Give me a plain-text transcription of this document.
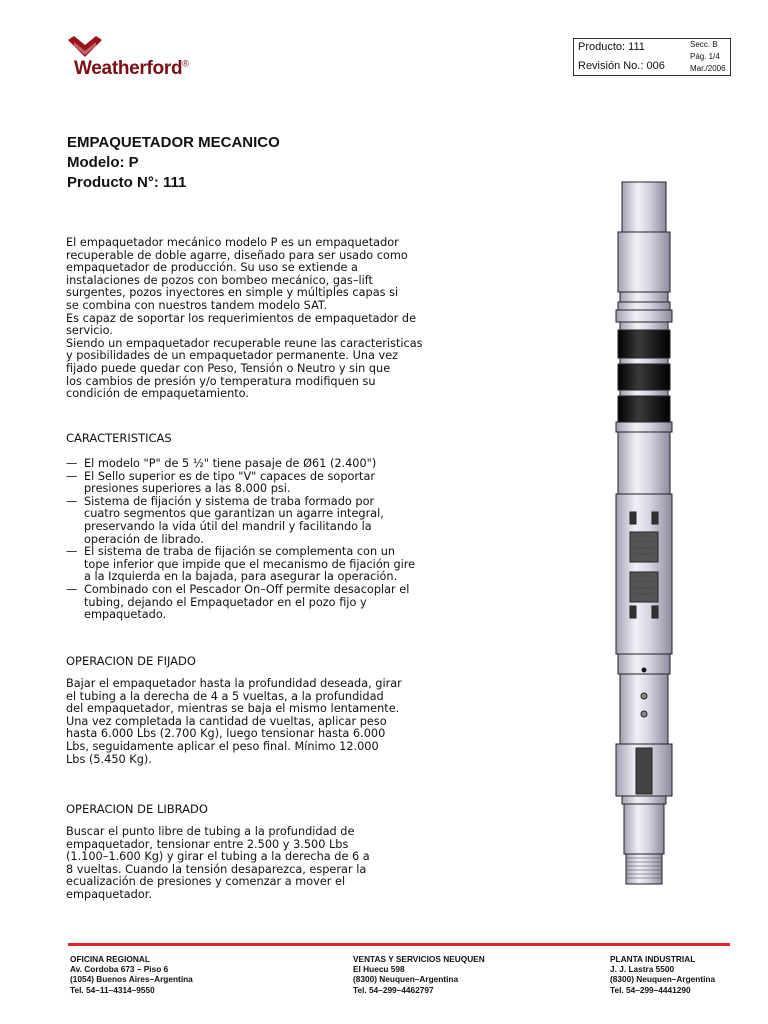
Weatherford®
Producto: 111
Revisión No.: 006
Secc. B
Pág. 1/4
Mar./2006
EMPAQUETADOR MECANICO
Modelo: P
Producto N°: 111
El empaquetador mecánico modelo P es un empaquetador
recuperable de doble agarre, diseñado para ser usado como
empaquetador de producción. Su uso se extiende a
instalaciones de pozos con bombeo mecánico, gas–lift
surgentes, pozos inyectores en simple y múltiples capas si
se combina con nuestros tandem modelo SAT.
Es capaz de soportar los requerimientos de empaquetador de
servicio.
Siendo un empaquetador recuperable reune las caracteristicas
y posibilidades de un empaquetador permanente. Una vez
fijado puede quedar con Peso, Tensión o Neutro y sin que
los cambios de presión y/o temperatura modifiquen su
condición de empaquetamiento.
CARACTERISTICAS
— El modelo "P" de 5 ½" tiene pasaje de Ø61 (2.400")
— El Sello superior es de tipo "V" capaces de soportar
presiones superiores a las 8.000 psi.
— Sistema de fijación y sistema de traba formado por
cuatro segmentos que garantizan un agarre integral,
preservando la vida útil del mandril y facilitando la
operación de librado.
— El sistema de traba de fijación se complementa con un
tope inferior que impide que el mecanismo de fijación gire
a la Izquierda en la bajada, para asegurar la operación.
— Combinado con el Pescador On–Off permite desacoplar el
tubing, dejando el Empaquetador en el pozo fijo y
empaquetado.
OPERACION DE FIJADO
Bajar el empaquetador hasta la profundidad deseada, girar
el tubing a la derecha de 4 a 5 vueltas, a la profundidad
del empaquetador, mientras se baja el mismo lentamente.
Una vez completada la cantidad de vueltas, aplicar peso
hasta 6.000 Lbs (2.700 Kg), luego tensionar hasta 6.000
Lbs, seguidamente aplicar el peso final. Mínimo 12.000
Lbs (5.450 Kg).
OPERACION DE LIBRADO
Buscar el punto libre de tubing a la profundidad de
empaquetador, tensionar entre 2.500 y 3.500 Lbs
(1.100–1.600 Kg) y girar el tubing a la derecha de 6 a
8 vueltas. Cuando la tensión desaparezca, esperar la
ecualización de presiones y comenzar a mover el
empaquetador.
OFICINA REGIONAL
Av. Cordoba 673 – Piso 6
(1054) Buenos Aires–Argentina
Tel. 54–11–4314–9550
VENTAS Y SERVICIOS NEUQUEN
El Huecu 598
(8300) Neuquen–Argentina
Tel. 54–299–4462797
PLANTA INDUSTRIAL
J. J. Lastra 5500
(8300) Neuquen–Argentina
Tel. 54–299–4441290
